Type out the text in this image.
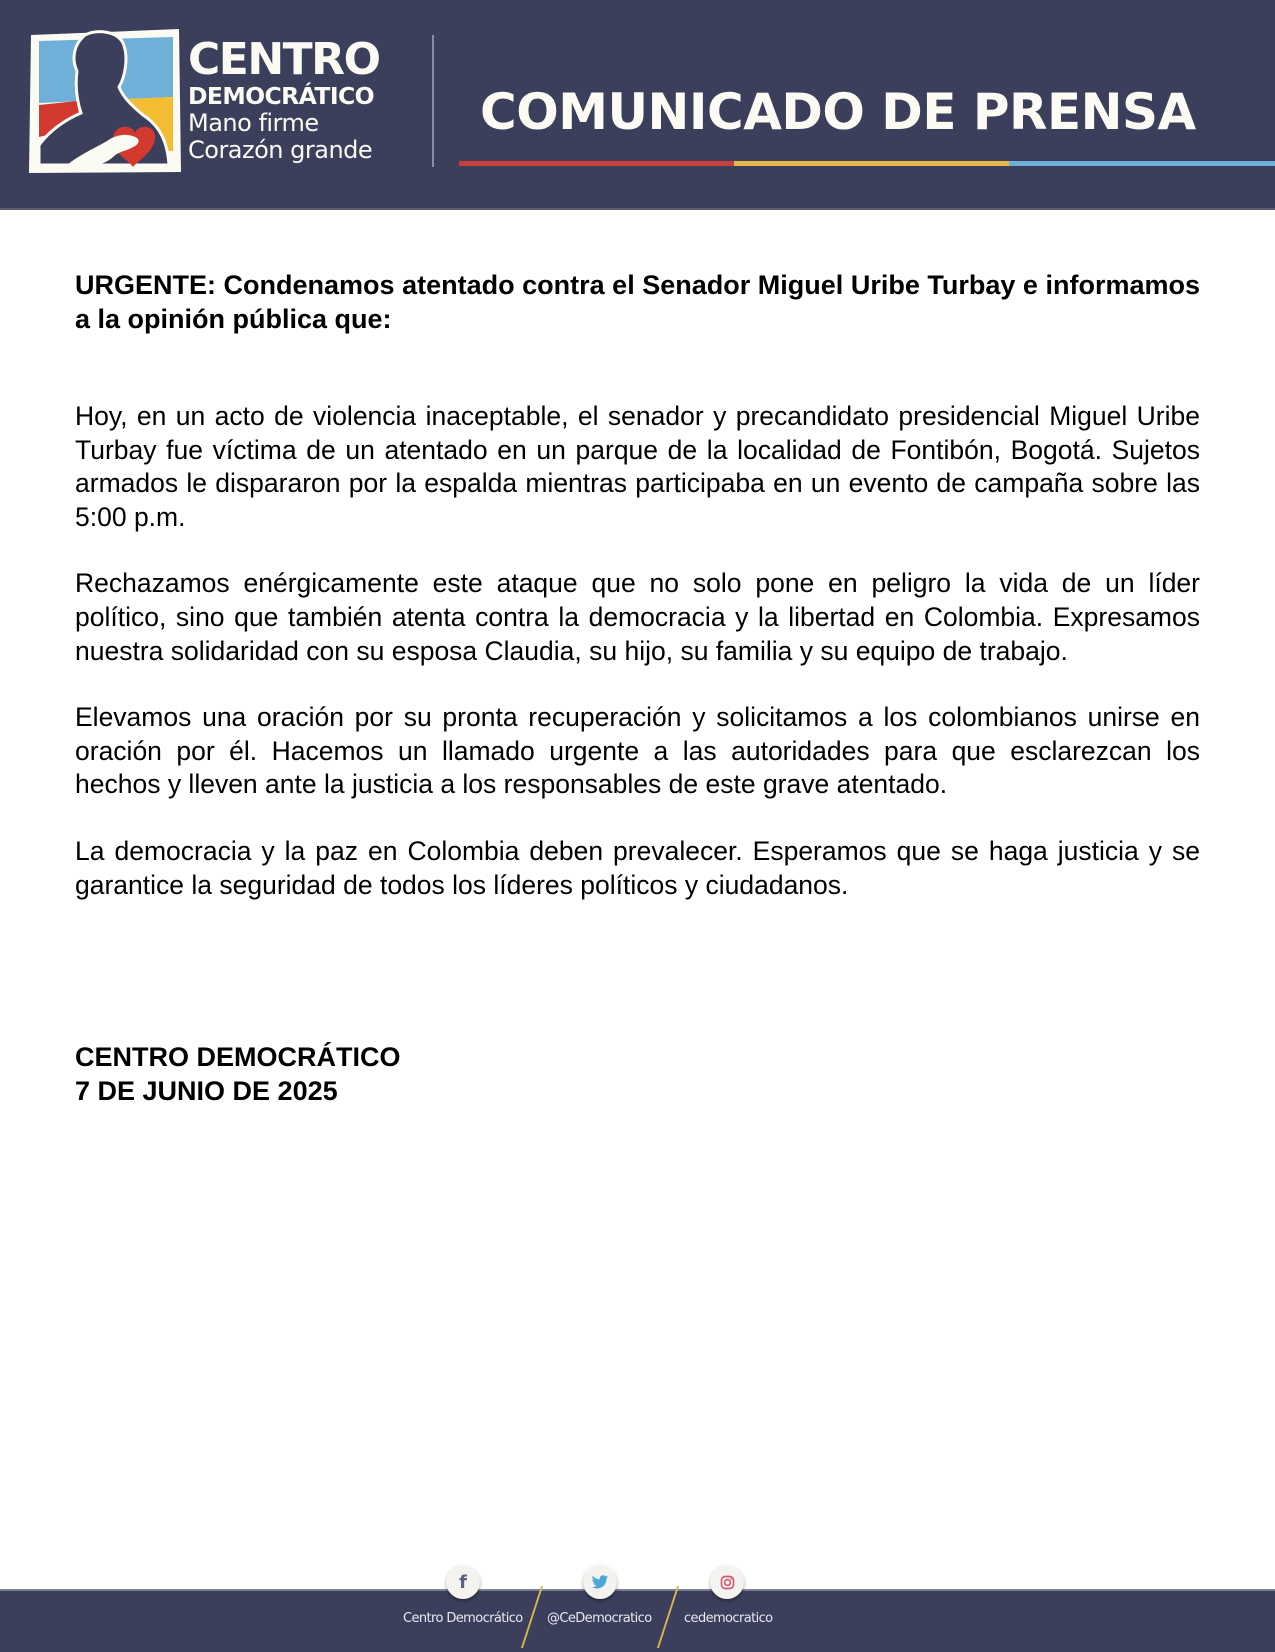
CENTRO
DEMOCRÁTICO
Mano firme
Corazón grande
COMUNICADO DE PRENSA

URGENTE: Condenamos atentado contra el Senador Miguel Uribe Turbay e informamos a la opinión pública que:

Hoy, en un acto de violencia inaceptable, el senador y precandidato presidencial Miguel Uribe Turbay fue víctima de un atentado en un parque de la localidad de Fontibón, Bogotá. Sujetos armados le dispararon por la espalda mientras participaba en un evento de campaña sobre las 5:00 p.m.

Rechazamos enérgicamente este ataque que no solo pone en peligro la vida de un líder político, sino que también atenta contra la democracia y la libertad en Colombia. Expresamos nuestra solidaridad con su esposa Claudia, su hijo, su familia y su equipo de trabajo.

Elevamos una oración por su pronta recuperación y solicitamos a los colombianos unirse en oración por él. Hacemos un llamado urgente a las autoridades para que esclarezcan los hechos y lleven ante la justicia a los responsables de este grave atentado.

La democracia y la paz en Colombia deben prevalecer. Esperamos que se haga justicia y se garantice la seguridad de todos los líderes políticos y ciudadanos.

CENTRO DEMOCRÁTICO
7 DE JUNIO DE 2025
f
Centro Democrático @CeDemocratico cedemocratico
